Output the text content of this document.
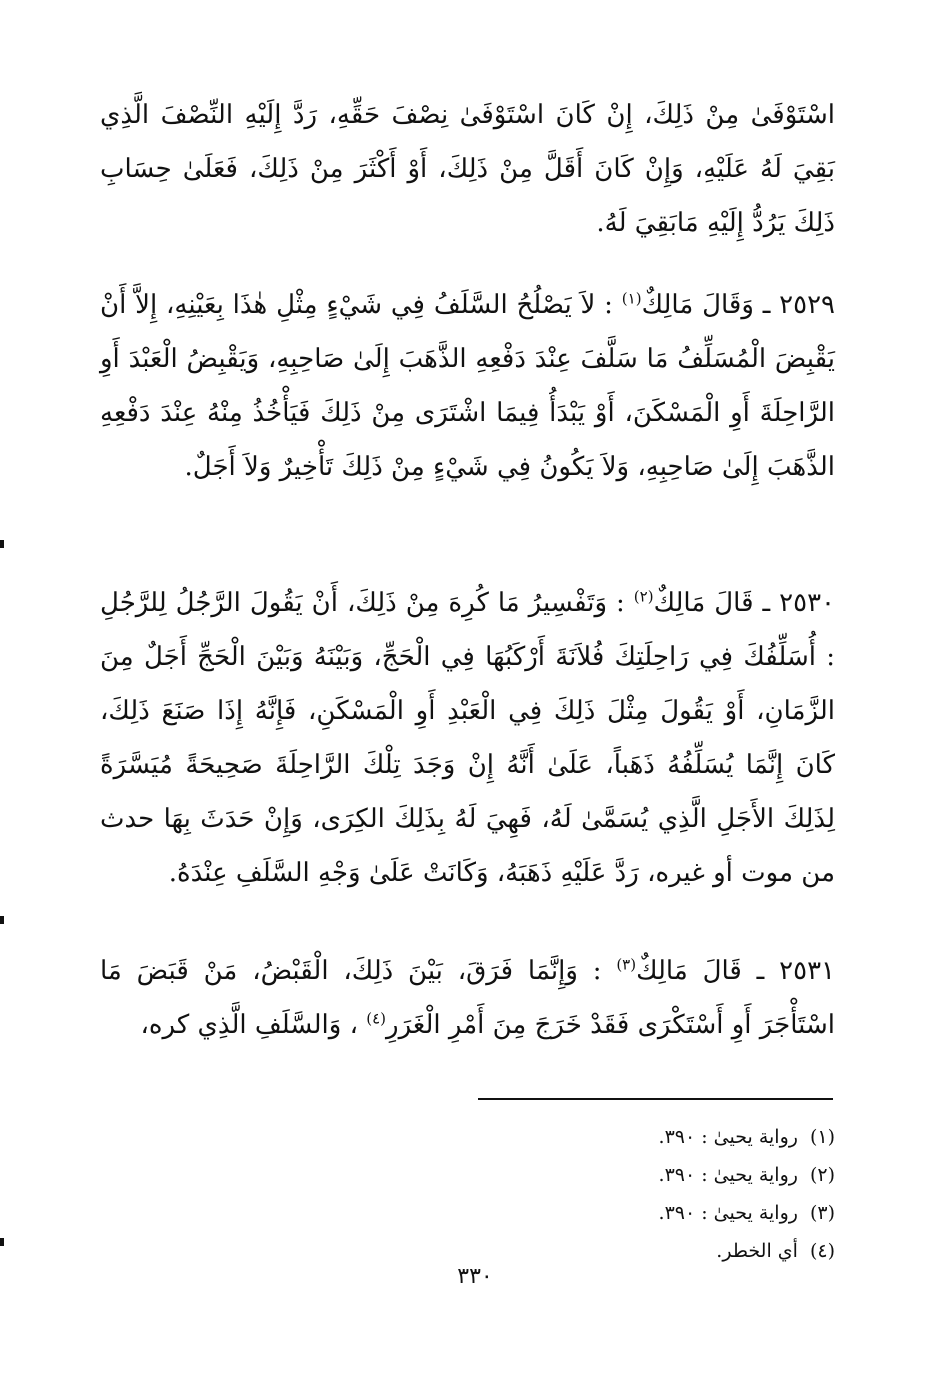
اسْتَوْفَىٰ مِنْ ذَلِكَ، إِنْ كَانَ اسْتَوْفَىٰ نِصْفَ حَقِّهِ، رَدَّ إِلَيْهِ النِّصْفَ الَّذِي بَقِيَ لَهُ عَلَيْهِ، وَإِنْ كَانَ أَقَلَّ مِنْ ذَلِكَ، أَوْ أَكْثَرَ مِنْ ذَلِكَ، فَعَلَىٰ حِسَابِ ذَلِكَ يَرُدُّ إِلَيْهِ مَابَقِيَ لَهُ.

٢٥٢٩ ـ وَقَالَ مَالِكٌ$^{(١)}$ : لاَ يَصْلُحُ السَّلَفُ فِي شَيْءٍ مِثْلِ هٰذَا بِعَيْنِهِ، إِلاَّ أَنْ يَقْبِضَ الْمُسَلِّفُ مَا سَلَّفَ عِنْدَ دَفْعِهِ الذَّهَبَ إِلَىٰ صَاحِبِهِ، وَيَقْبِضُ الْعَبْدَ أَوِ الرَّاحِلَةَ أَوِ الْمَسْكَنَ، أَوْ يَبْدَأُ فِيمَا اشْتَرَى مِنْ ذَلِكَ فَيَأْخُذُ مِنْهُ عِنْدَ دَفْعِهِ الذَّهَبَ إِلَىٰ صَاحِبِهِ، وَلاَ يَكُونُ فِي شَيْءٍ مِنْ ذَلِكَ تَأْخِيرٌ وَلاَ أَجَلٌ.

٢٥٣٠ ـ قَالَ مَالِكٌ$^{(٢)}$ : وَتَفْسِيرُ مَا كُرِهَ مِنْ ذَلِكَ، أَنْ يَقُولَ الرَّجُلُ لِلرَّجُلِ : أُسَلِّفُكَ فِي رَاحِلَتِكَ فُلاَنَةَ أَرْكَبُهَا فِي الْحَجِّ، وَبَيْنَهُ وَبَيْنَ الْحَجِّ أَجَلٌ مِنَ الزَّمَانِ، أَوْ يَقُولَ مِثْلَ ذَلِكَ فِي الْعَبْدِ أَوِ الْمَسْكَنِ، فَإِنَّهُ إِذَا صَنَعَ ذَلِكَ، كَانَ إِنَّمَا يُسَلِّفُهُ ذَهَباً، عَلَىٰ أَنَّهُ إِنْ وَجَدَ تِلْكَ الرَّاحِلَةَ صَحِيحَةً مُيَسَّرَةً لِذَلِكَ الأَجَلِ الَّذِي يُسَمَّىٰ لَهُ، فَهِيَ لَهُ بِذَلِكَ الكِرَى، وَإِنْ حَدَثَ بِهَا حدث من موت أو غيره، رَدَّ عَلَيْهِ ذَهَبَهُ، وَكَانَتْ عَلَىٰ وَجْهِ السَّلَفِ عِنْدَهُ.

٢٥٣١ ـ قَالَ مَالِكٌ$^{(٣)}$ : وَإِنَّمَا فَرَقَ، بَيْنَ ذَلِكَ، الْقَبْضُ، مَنْ قَبَضَ مَا اسْتَأْجَرَ أَوِ أَسْتَكْرَى فَقَدْ خَرَجَ مِنَ أَمْرِ الْغَرَرِ$^{(٤)}$ ، وَالسَّلَفِ الَّذِي كره،

(١)رواية يحيىٰ : ٣٩٠.
(٢)رواية يحيىٰ : ٣٩٠.
(٣)رواية يحيىٰ : ٣٩٠.
(٤)أي الخطر.
٣٣٠
